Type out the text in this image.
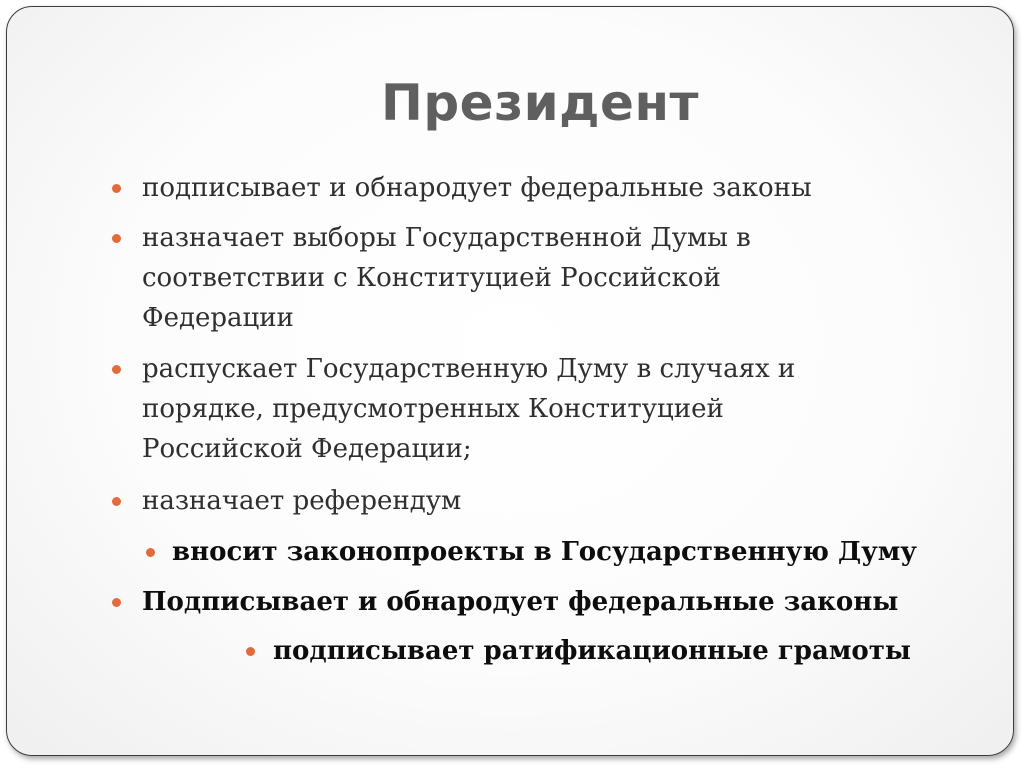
Президент
подписывает и обнародует федеральные законы
назначает выборы Государственной Думы в
соответствии с Конституцией Российской
Федерации
распускает Государственную Думу в случаях и
порядке, предусмотренных Конституцией
Российской Федерации;
назначает референдум
вносит законопроекты в Государственную Думу
Подписывает и обнародует федеральные законы
подписывает ратификационные грамоты
